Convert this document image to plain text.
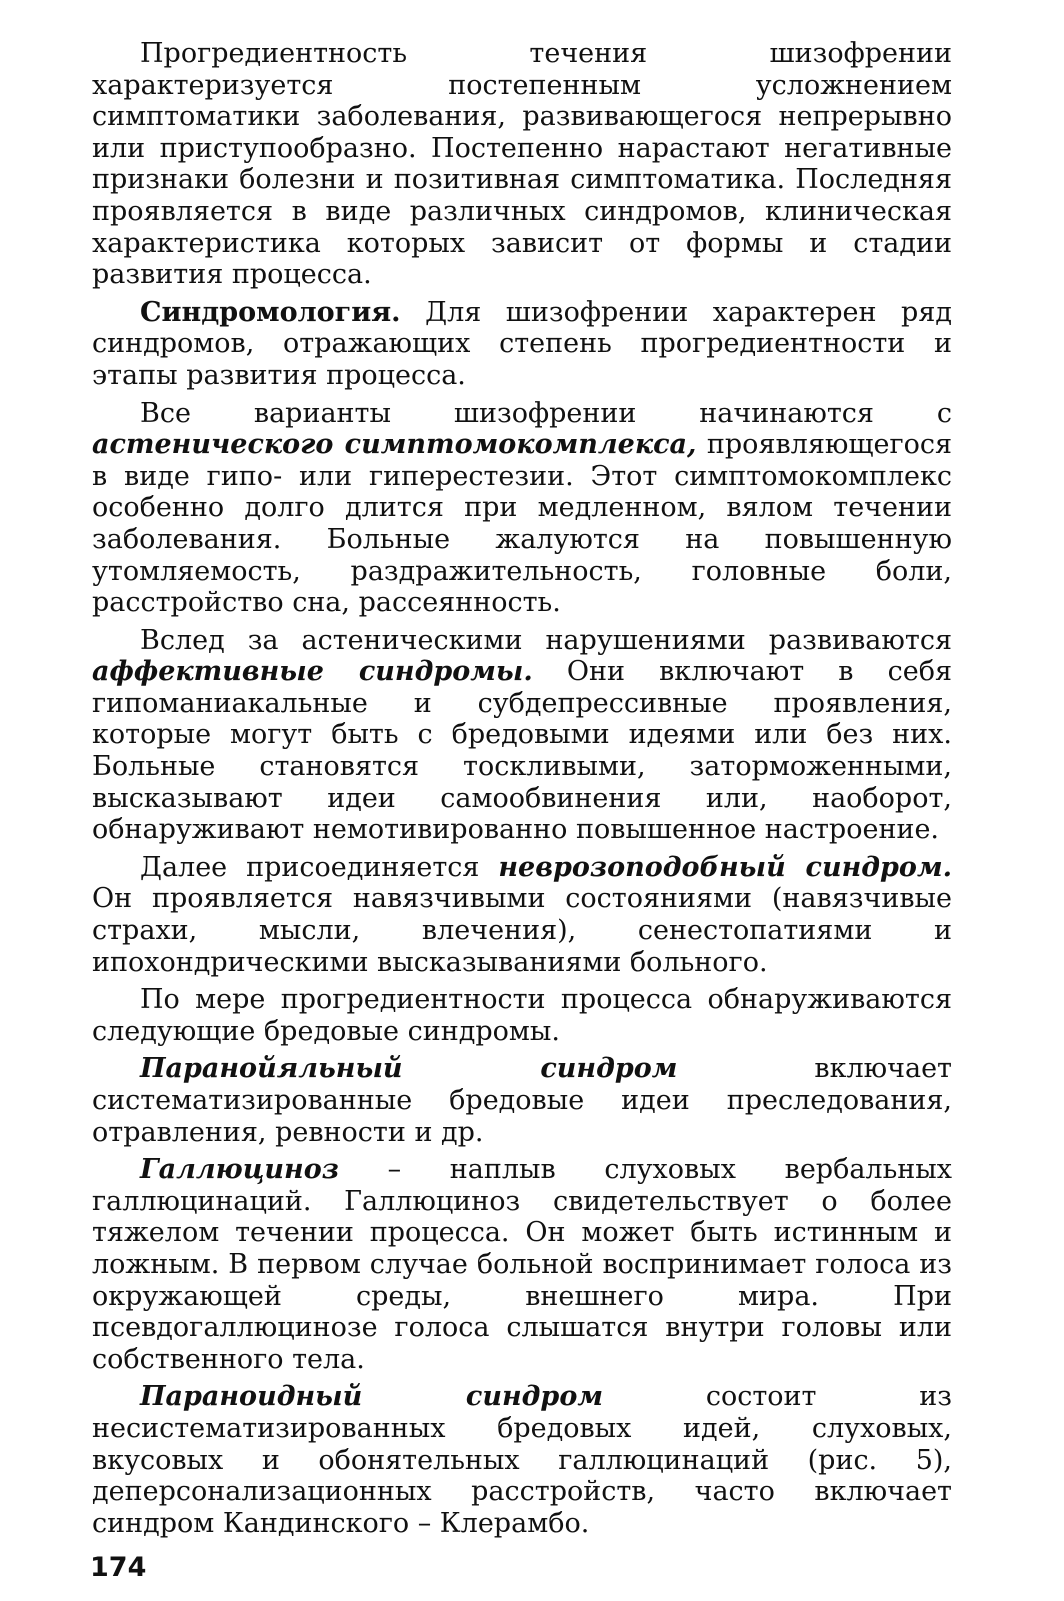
Прогредиентность течения шизофрении характеризуется постепенным усложнением симптоматики заболевания, развивающегося непрерывно или приступообразно. Постепенно нарастают негативные признаки болезни и позитивная симптоматика. Последняя проявляется в виде различных синдромов, клиническая характеристика которых зависит от формы и стадии развития процесса.

Синдромология. Для шизофрении характерен ряд синдромов, отражающих степень прогредиентности и этапы развития процесса.

Все варианты шизофрении начинаются с астенического симптомокомплекса, проявляющегося в виде гипо- или гиперестезии. Этот симптомокомплекс особенно долго длится при медленном, вялом течении заболевания. Больные жалуются на повышенную утомляемость, раздражительность, головные боли, расстройство сна, рассеянность.

Вслед за астеническими нарушениями развиваются аффективные синдромы. Они включают в себя гипоманиакальные и субдепрессивные проявления, которые могут быть с бредовыми идеями или без них. Больные становятся тоскливыми, заторможенными, высказывают идеи самообвинения или, наоборот, обнаруживают немотивированно повышенное настроение.

Далее присоединяется неврозоподобный синдром. Он проявляется навязчивыми состояниями (навязчивые страхи, мысли, влечения), сенестопатиями и ипохондрическими высказываниями больного.

По мере прогредиентности процесса обнаруживаются следующие бредовые синдромы.

Паранойяльный синдром включает систематизированные бредовые идеи преследования, отравления, ревности и др.

Галлюциноз – наплыв слуховых вербальных галлюцинаций. Галлюциноз свидетельствует о более тяжелом течении процесса. Он может быть истинным и ложным. В первом случае больной воспринимает голоса из окружающей среды, внешнего мира. При псевдогаллюцинозе голоса слышатся внутри головы или собственного тела.

Параноидный синдром состоит из несистематизированных бредовых идей, слуховых, вкусовых и обонятельных галлюцинаций (рис. 5), деперсонализационных расстройств, часто включает синдром Кандинского – Клерамбо.

174
